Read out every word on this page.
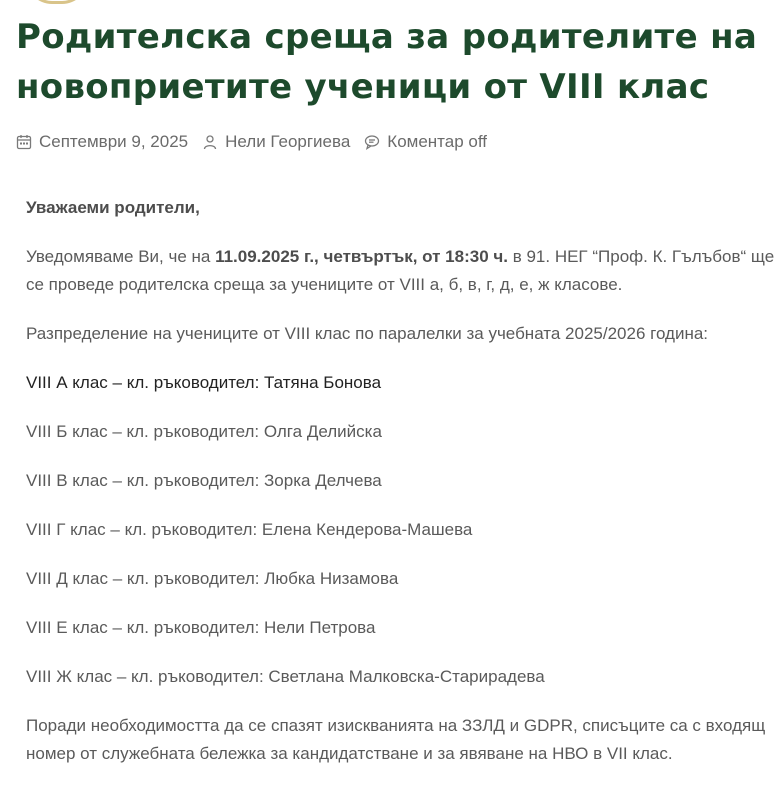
Родителска среща за родителите на
новоприетите ученици от VIII клас
Септември 9, 2025 Нели Георгиева Коментар off

Уважаеми родители,

Уведомяваме Ви, че на 11.09.2025 г., четвъртък, от 18:30 ч. в 91. НЕГ “Проф. К. Гълъбов“ ще се проведе родителска среща за учениците от VIII а, б, в, г, д, е, ж класове.

Разпределение на учениците от VIII клас по паралелки за учебната 2025/2026 година:

VIII А клас – кл. ръководител: Татяна Бонова

VIII Б клас – кл. ръководител: Олга Делийска

VIII В клас – кл. ръководител: Зорка Делчева

VIII Г клас – кл. ръководител: Елена Кендерова-Машева

VIII Д клас – кл. ръководител: Любка Низамова

VIII Е клас – кл. ръководител: Нели Петрова

VIII Ж клас – кл. ръководител: Светлана Малковска-Старирадева

Поради необходимостта да се спазят изискванията на ЗЗЛД и GDPR, списъците са с входящ номер от служебната бележка за кандидатстване и за явяване на НВО в VII клас.
